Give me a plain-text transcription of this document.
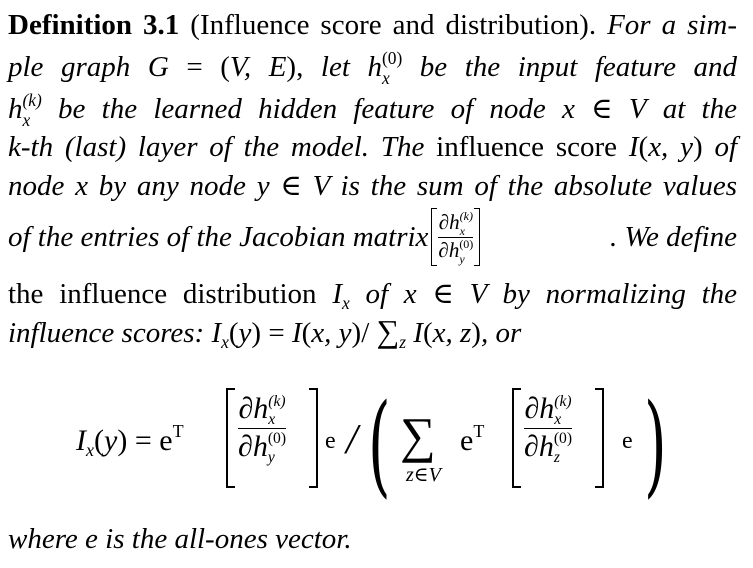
Definition 3.1 (Influence score and distribution). For a sim-
ple graph G = (V, E), let h (0)
x	be the input feature and
h (k)
x be the learned hidden feature of node x ∈ V at the
k-th (last) layer of the model. The influence score I(x, y) of
node x by any node y ∈ V is the sum of the absolute values
of the entries of the Jacobian matrix ∂h (k)
x
∂h (0)
y	. We define
the influence distribution $I_x$ of x ∈ V by normalizing the
influence scores: $I_x(y) = I(x$, y)/ $\sum_z$ I(x, z), or
$I_x(y) = e^T$
∂h (k)
x
∂h (0)
y
e / ( ∑
z∈V
$e^T$
∂h (k)
x
∂h (0)
z
e )
where e is the all-ones vector.
